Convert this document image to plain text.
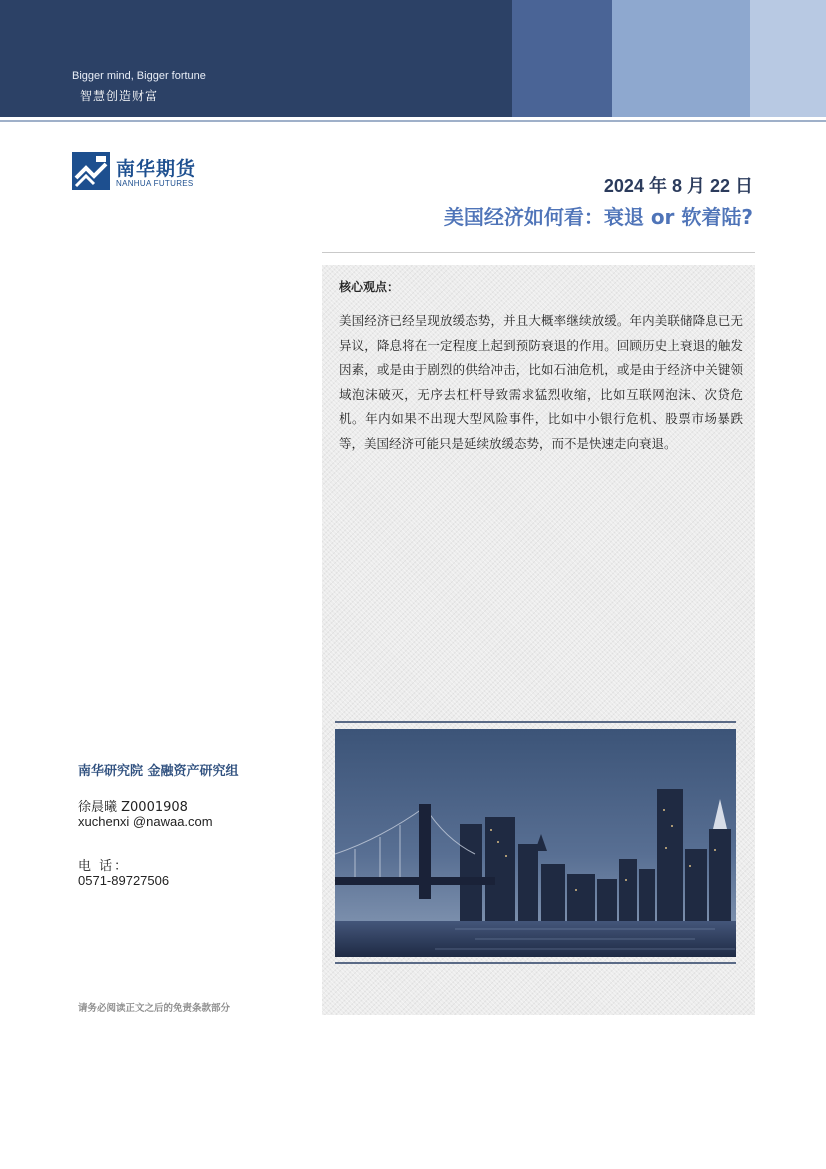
Bigger mind, Bigger fortune
智慧创造财富
南华期货
NANHUA FUTURES	2024 年 8 月 22 日
美国经济如何看：衰退 or 软着陆?
核心观点：
美国经济已经呈现放缓态势，并且大概率继续放缓。年内美联储降息已无异议，降息将在一定程度上起到预防衰退的作用。回顾历史上衰退的触发因素，或是由于剧烈的供给冲击，比如石油危机，或是由于经济中关键领域泡沫破灭，无序去杠杆导致需求猛烈收缩，比如互联网泡沫、次贷危机。年内如果不出现大型风险事件，比如中小银行危机、股票市场暴跌等，美国经济可能只是延续放缓态势，而不是快速走向衰退。
南华研究院 金融资产研究组
徐晨曦 Z0001908
xuchenxi @nawaa.com
电 话：
0571-89727506
请务必阅读正文之后的免责条款部分
